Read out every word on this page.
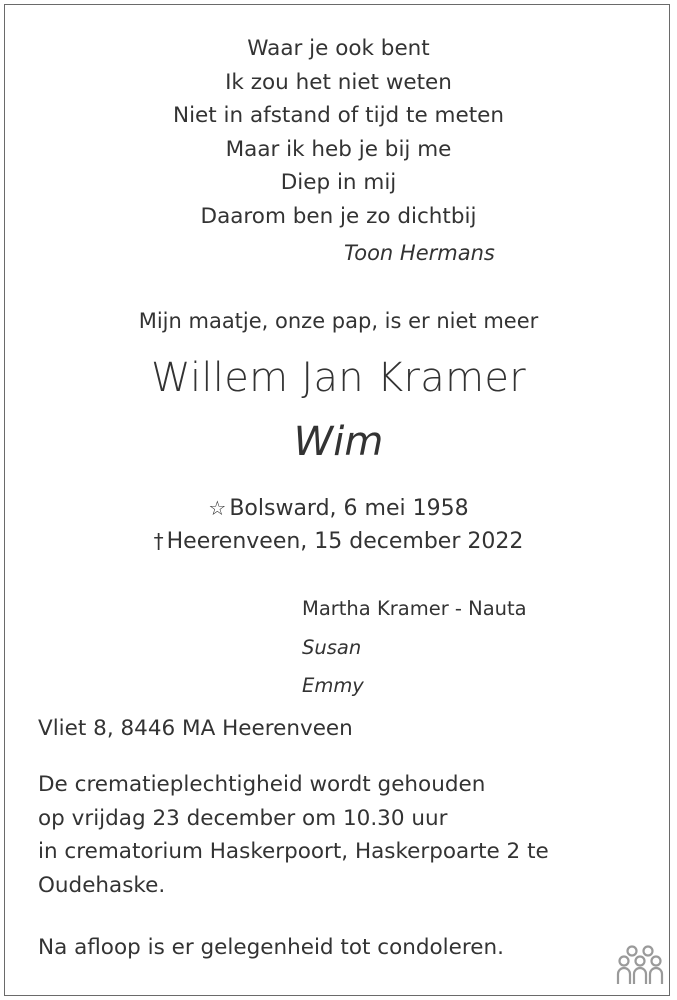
Waar je ook bent
Ik zou het niet weten
Niet in afstand of tijd te meten
Maar ik heb je bij me
Diep in mij
Daarom ben je zo dichtbij
Toon Hermans
Mijn maatje, onze pap, is er niet meer
Willem Jan Kramer
Wim
☆ Bolsward, 6 mei 1958
† Heerenveen, 15 december 2022
Martha Kramer - Nauta
Susan
Emmy
Vliet 8, 8446 MA Heerenveen
De crematieplechtigheid wordt gehouden
op vrijdag 23 december om 10.30 uur
in crematorium Haskerpoort, Haskerpoarte 2 te
Oudehaske.
Na afloop is er gelegenheid tot condoleren.
